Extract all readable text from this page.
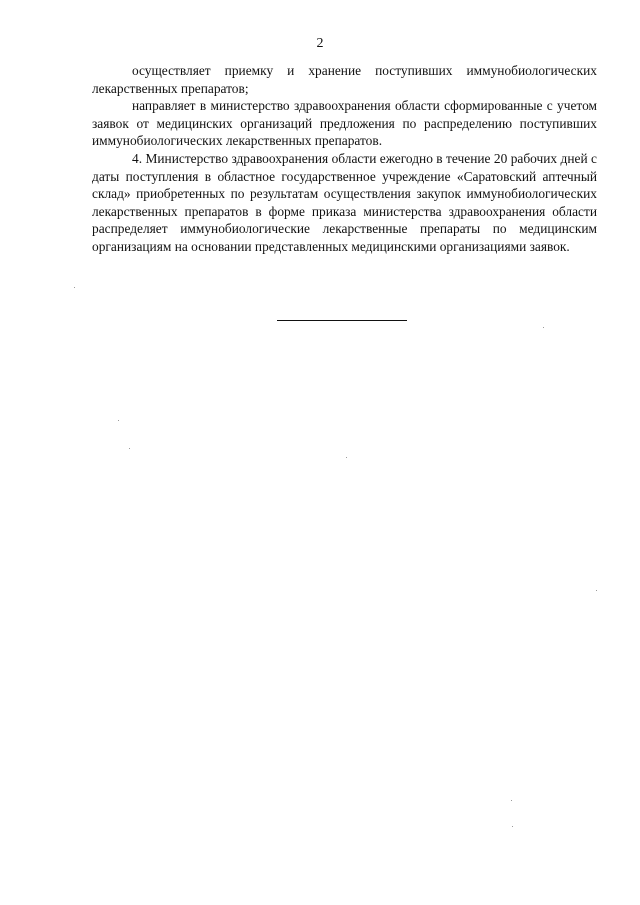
2

осуществляет приемку и хранение поступивших иммунобиологических лекарственных препаратов;

направляет в министерство здравоохранения области сформированные с учетом заявок от медицинских организаций предложения по распределению поступивших иммунобиологических лекарственных препаратов.

4. Министерство здравоохранения области ежегодно в течение 20 рабочих дней с даты поступления в областное государственное учреждение «Саратовский аптечный склад» приобретенных по результатам осуществления закупок иммунобиологических лекарственных препаратов в форме приказа министерства здравоохранения области распределяет иммунобиологические лекарственные препараты по медицинским организациям на основании представленных медицинскими организациями заявок.
